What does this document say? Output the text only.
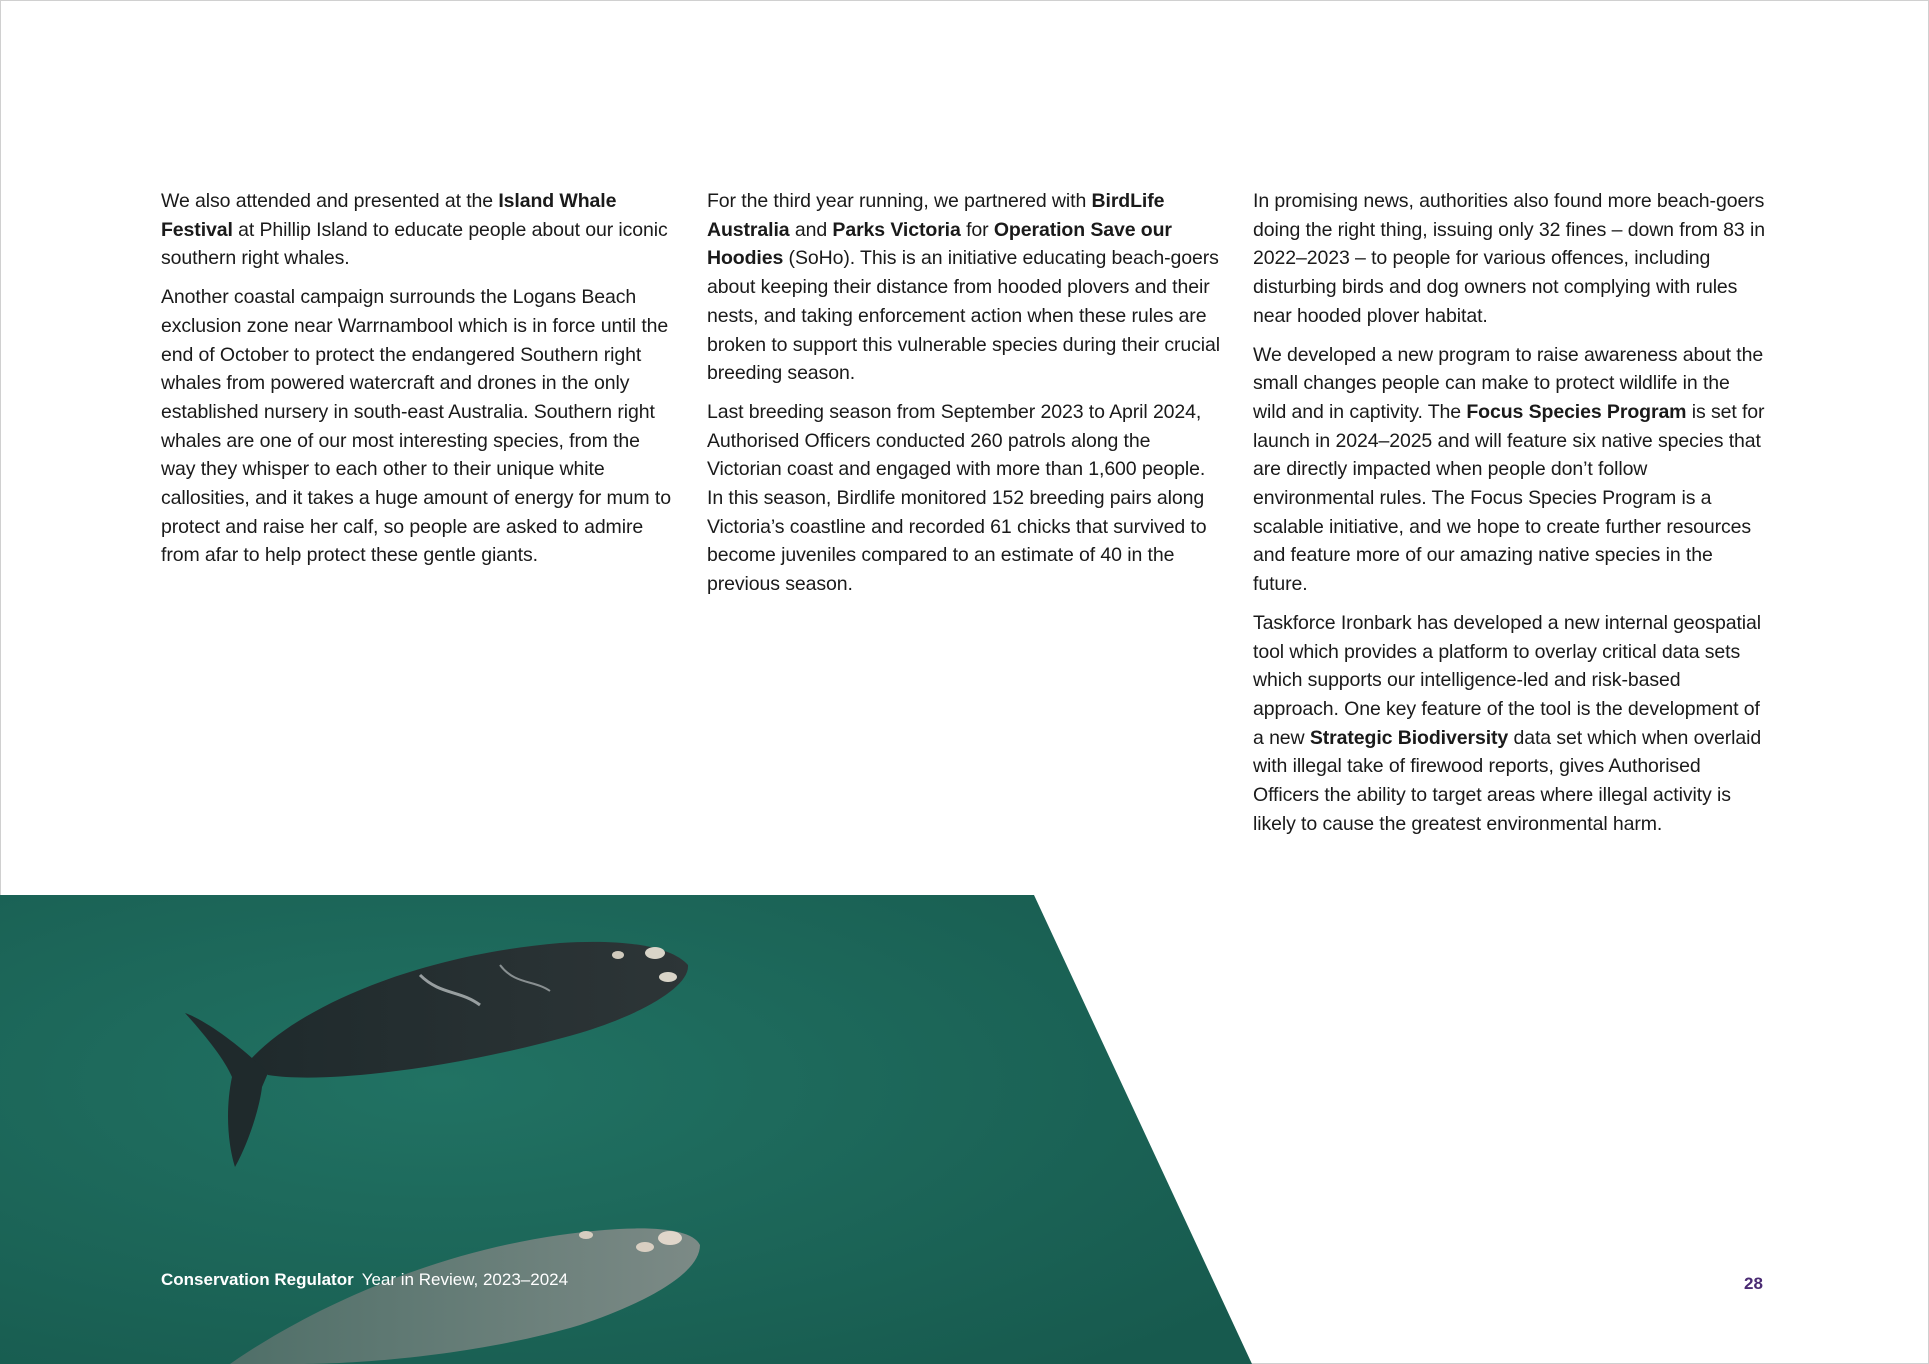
We also attended and presented at the Island Whale Festival at Phillip Island to educate people about our iconic southern right whales.

Another coastal campaign surrounds the Logans Beach exclusion zone near Warrnambool which is in force until the end of October to protect the endangered Southern right whales from powered watercraft and drones in the only established nursery in south-east Australia. Southern right whales are one of our most interesting species, from the way they whisper to each other to their unique white callosities, and it takes a huge amount of energy for mum to protect and raise her calf, so people are asked to admire from afar to help protect these gentle giants.

For the third year running, we partnered with BirdLife Australia and Parks Victoria for Operation Save our Hoodies (SoHo). This is an initiative educating beach-goers about keeping their distance from hooded plovers and their nests, and taking enforcement action when these rules are broken to support this vulnerable species during their crucial breeding season.

Last breeding season from September 2023 to April 2024, Authorised Officers conducted 260 patrols along the Victorian coast and engaged with more than 1,600 people. In this season, Birdlife monitored 152 breeding pairs along Victoria’s coastline and recorded 61 chicks that survived to become juveniles compared to an estimate of 40 in the previous season.

In promising news, authorities also found more beach-goers doing the right thing, issuing only 32 fines – down from 83 in 2022–2023 – to people for various offences, including disturbing birds and dog owners not complying with rules near hooded plover habitat.

We developed a new program to raise awareness about the small changes people can make to protect wildlife in the wild and in captivity. The Focus Species Program is set for launch in 2024–2025 and will feature six native species that are directly impacted when people don’t follow environmental rules. The Focus Species Program is a scalable initiative, and we hope to create further resources and feature more of our amazing native species in the future.

Taskforce Ironbark has developed a new internal geospatial tool which provides a platform to overlay critical data sets which supports our intelligence-led and risk-based approach. One key feature of the tool is the development of a new Strategic Biodiversity data set which when overlaid with illegal take of firewood reports, gives Authorised Officers the ability to target areas where illegal activity is likely to cause the greatest environmental harm.

Conservation Regulator Year in Review, 2023–2024	28
